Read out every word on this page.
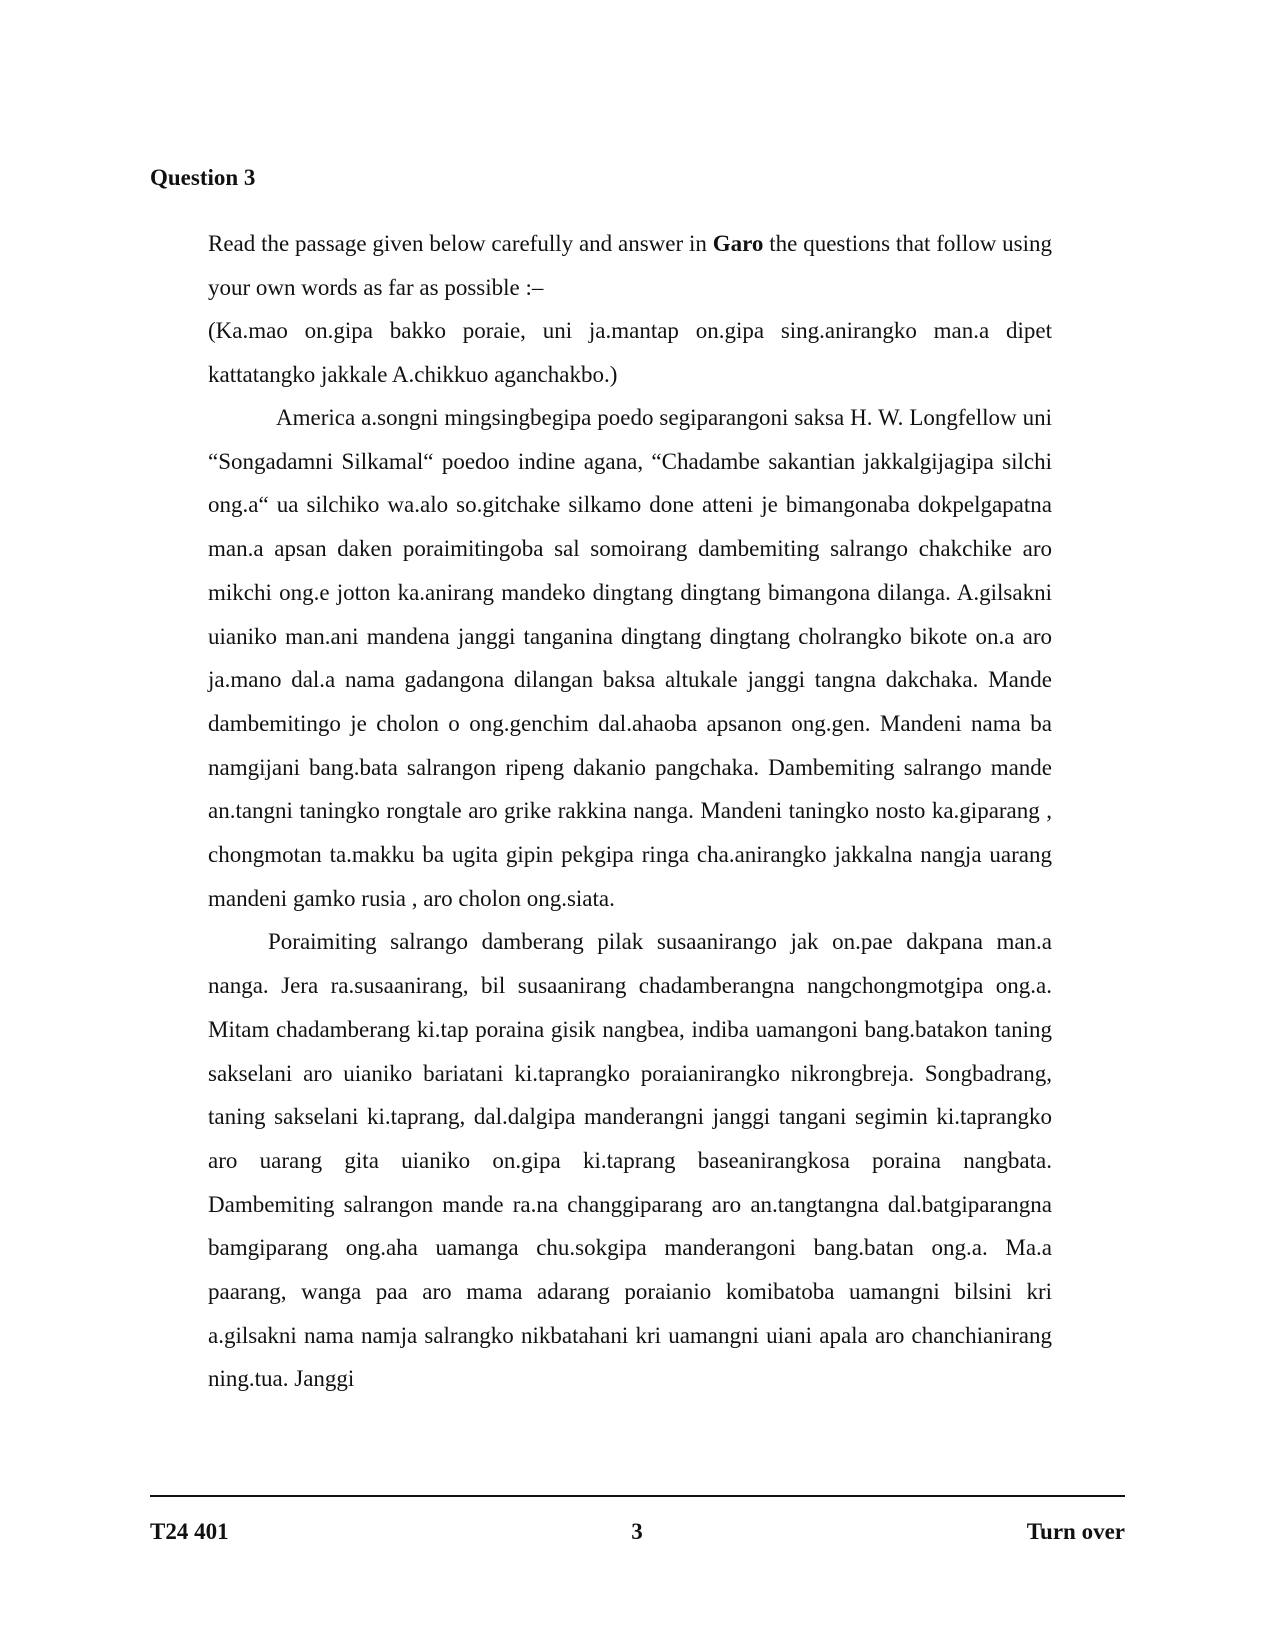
Question 3
Read the passage given below carefully and answer in Garo the questions that follow using your own words as far as possible :–
(Ka.mao on.gipa bakko poraie, uni ja.mantap on.gipa sing.anirangko man.a dipet kattatangko jakkale A.chikkuo aganchakbo.)

America a.songni mingsingbegipa poedo segiparangoni saksa H. W. Longfellow uni “Songadamni Silkamal“ poedoo indine agana, “Chadambe sakantian jakkalgijagipa silchi ong.a“ ua silchiko wa.alo so.gitchake silkamo done atteni je bimangonaba dokpelgapatna man.a apsan daken poraimitingoba sal somoirang dambemiting salrango chakchike aro mikchi ong.e jotton ka.anirang mandeko dingtang dingtang bimangona dilanga. A.gilsakni uianiko man.ani mandena janggi tanganina dingtang dingtang cholrangko bikote on.a aro ja.mano dal.a nama gadangona dilangan baksa altukale janggi tangna dakchaka. Mande dambemitingo je cholon o ong.genchim dal.ahaoba apsanon ong.gen. Mandeni nama ba namgijani bang.bata salrangon ripeng dakanio pangchaka. Dambemiting salrango mande an.tangni taningko rongtale aro grike rakkina nanga. Mandeni taningko nosto ka.giparang , chongmotan ta.makku ba ugita gipin pekgipa ringa cha.anirangko jakkalna nangja uarang mandeni gamko rusia , aro cholon ong.siata.

Poraimiting salrango damberang pilak susaanirango jak on.pae dakpana man.a nanga. Jera ra.susaanirang, bil susaanirang chadamberangna nangchongmotgipa ong.a. Mitam chadamberang ki.tap poraina gisik nangbea, indiba uamangoni bang.batakon taning sakselani aro uianiko bariatani ki.taprangko poraianirangko nikrongbreja. Songbadrang, taning sakselani ki.taprang, dal.dalgipa manderangni janggi tangani segimin ki.taprangko aro uarang gita uianiko on.gipa ki.taprang baseanirangkosa poraina nangbata. Dambemiting salrangon mande ra.na changgiparang aro an.tangtangna dal.batgiparangna bamgiparang ong.aha uamanga chu.sokgipa manderangoni bang.batan ong.a. Ma.a paarang, wanga paa aro mama adarang poraianio komibatoba uamangni bilsini kri a.gilsakni nama namja salrangko nikbatahani kri uamangni uiani apala aro chanchianirang ning.tua. Janggi

T24 401	3	Turn over
